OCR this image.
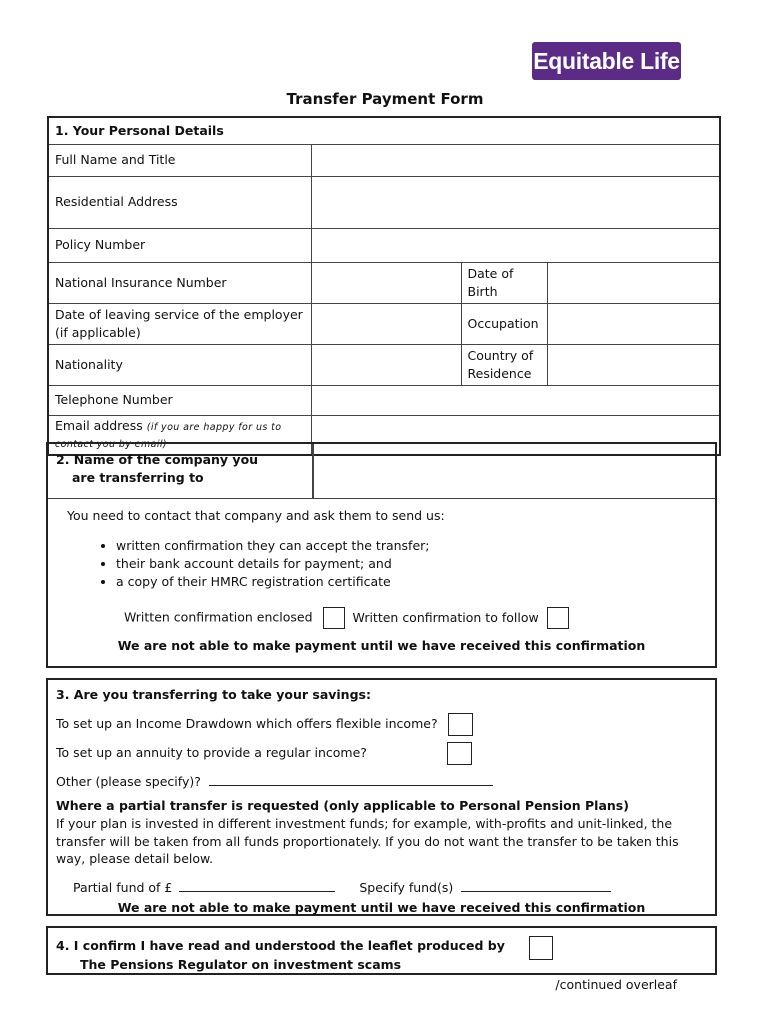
Equitable Life
Transfer Payment Form
1. Your Personal Details			
Full Name and Title			
Residential Address			
Policy Number			
National Insurance Number		Date of Birth	
Date of leaving service of the employer (if applicable)		Occupation	
Nationality		Country of Residence	
Telephone Number			
Email address (if you are happy for us to contact you by email)			
2. Name of the company you
are transferring to
You need to contact that company and ask them to send us:
• written confirmation they can accept the transfer;
• their bank account details for payment; and
• a copy of their HMRC registration certificate
Written confirmation enclosed	Written confirmation to follow
We are not able to make payment until we have received this confirmation
3. Are you transferring to take your savings:
To set up an Income Drawdown which offers flexible income?
To set up an annuity to provide a regular income?
Other (please specify)?
Where a partial transfer is requested (only applicable to Personal Pension Plans)
If your plan is invested in different investment funds; for example, with-profits and unit-linked, the transfer will be taken from all funds proportionately. If you do not want the transfer to be taken this way, please detail below.
Partial fund of £	Specify fund(s)
We are not able to make payment until we have received this confirmation
4. I confirm I have read and understood the leaflet produced by
The Pensions Regulator on investment scams
/continued overleaf
